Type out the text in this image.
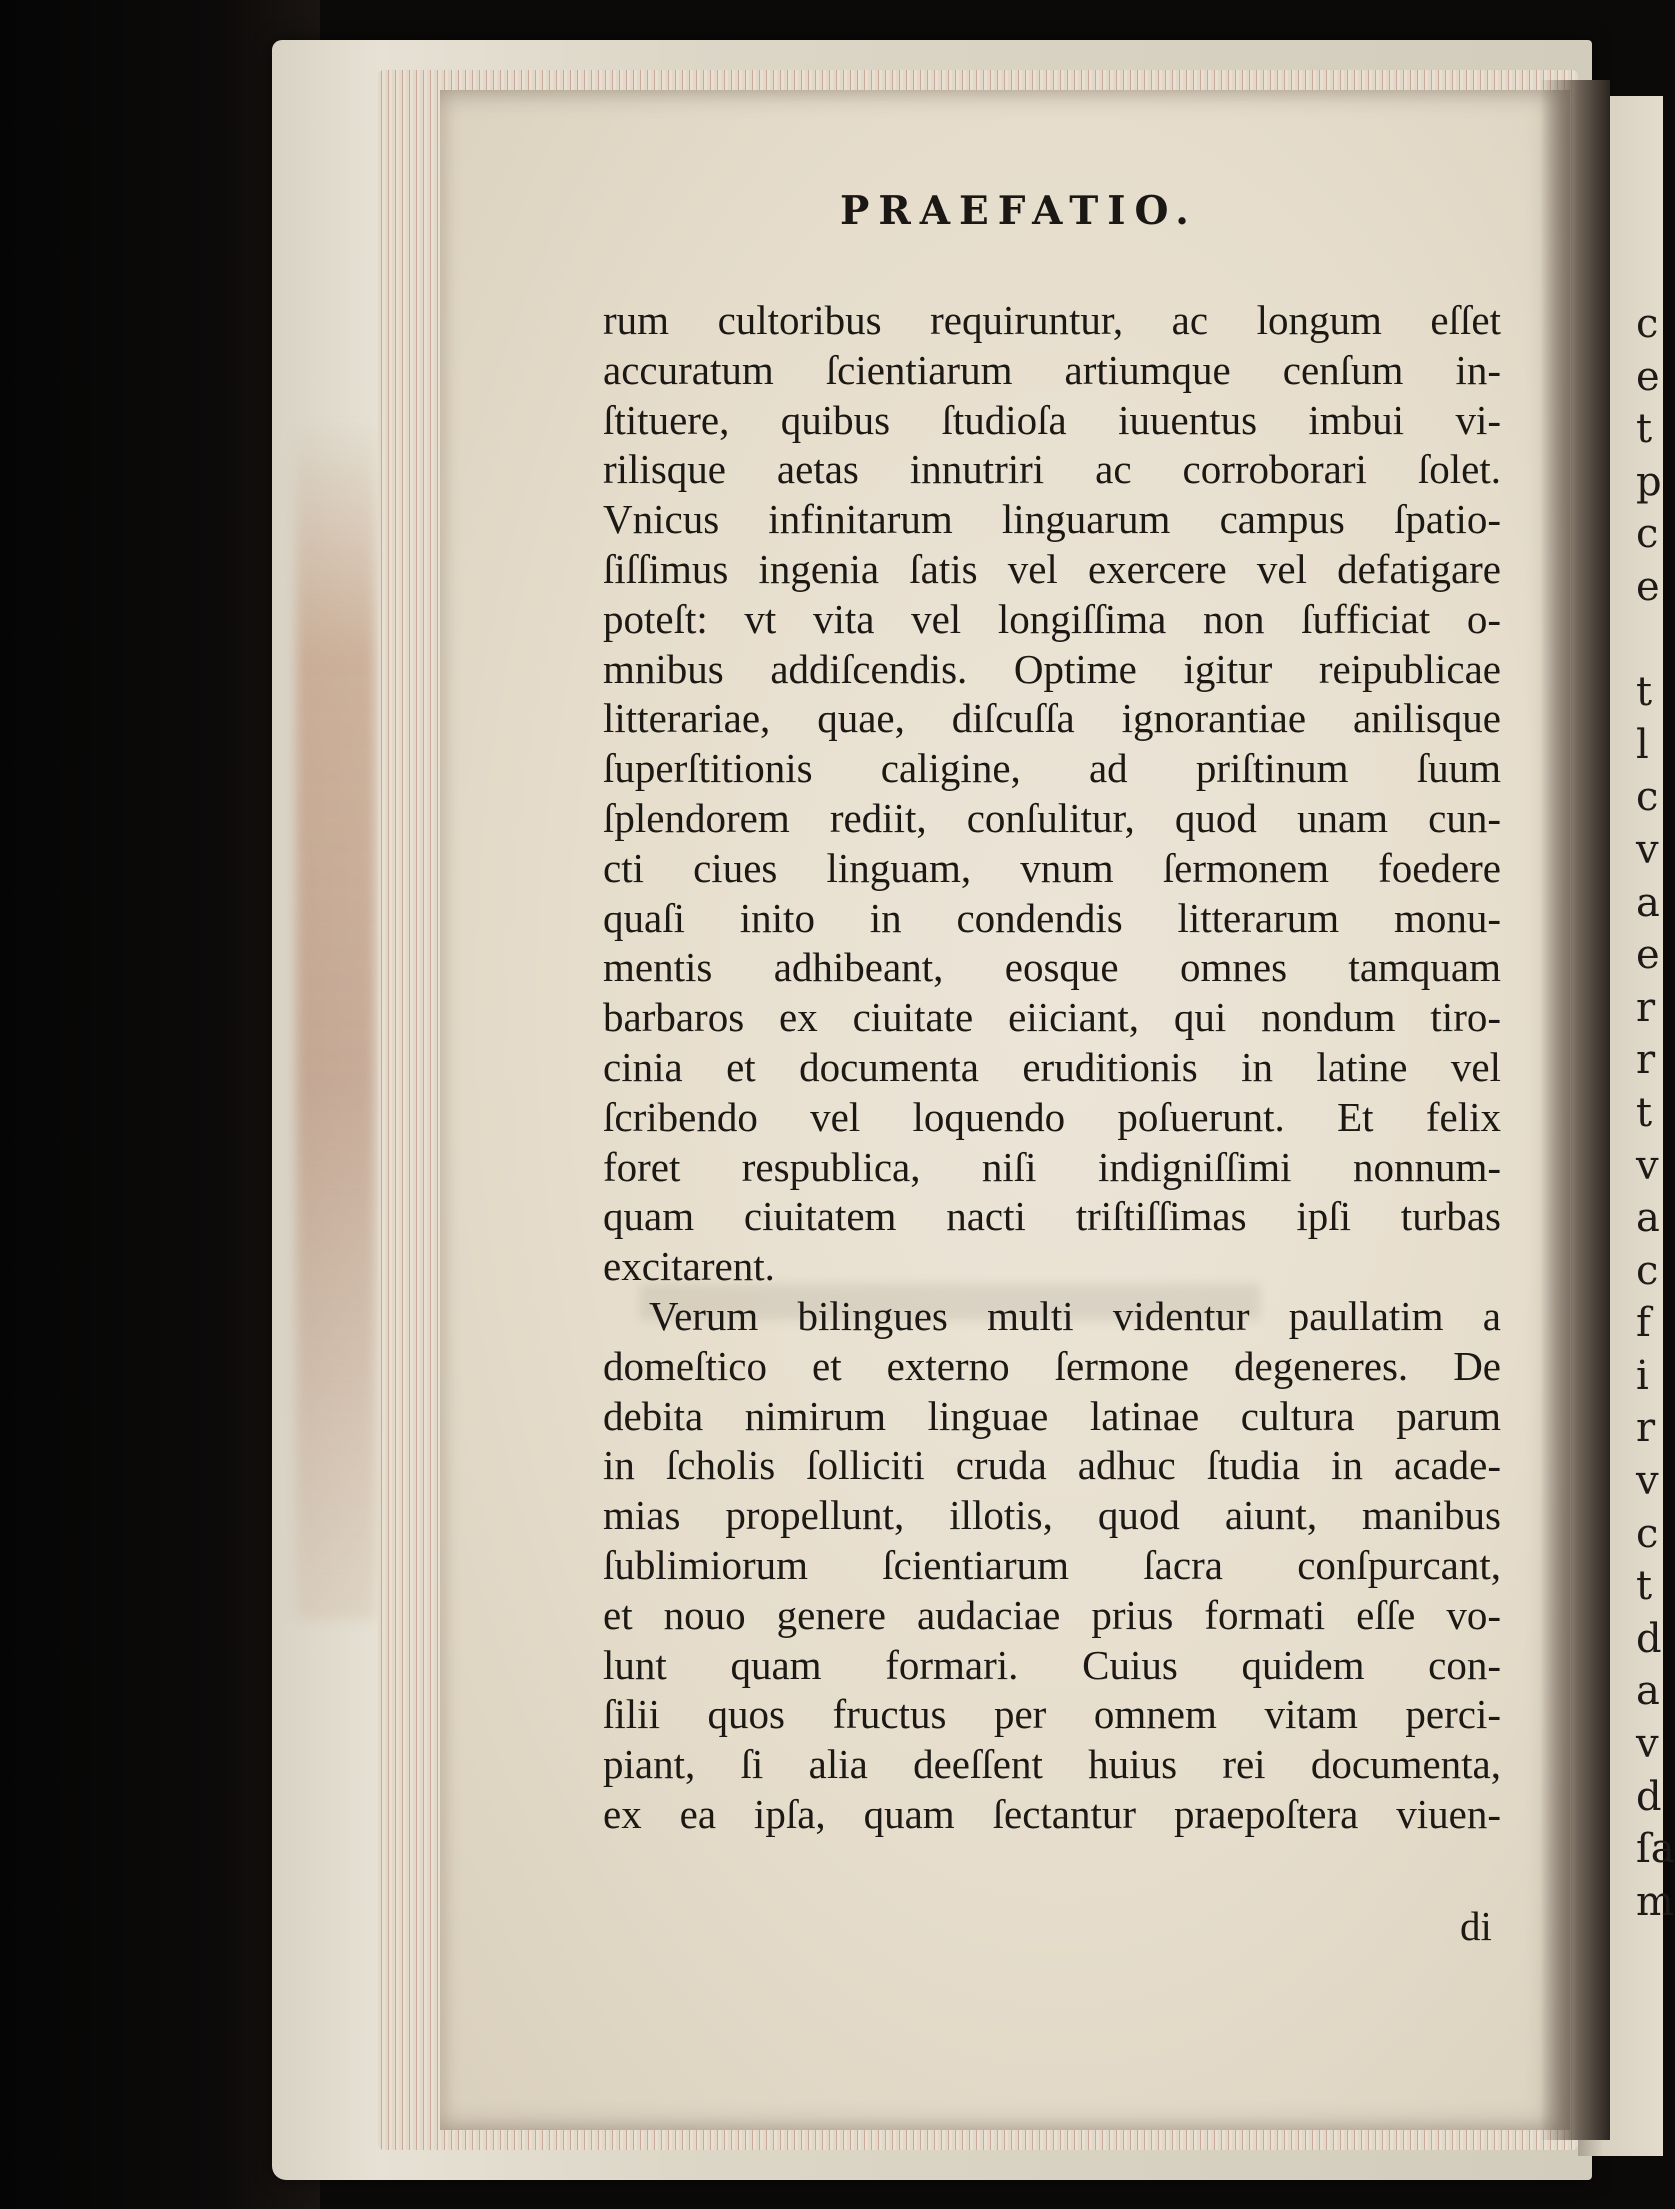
c
e
t
p
c
e
t
l
c
v
a
e
r
r
t
v
a
c
f
i
r
v
c
t
d
a
v
d
ſa
m
PRAEFATIO.
rum cultoribus requiruntur, ac longum eſſet
accuratum ſcientiarum artiumque cenſum in-
ſtituere, quibus ſtudioſa iuuentus imbui vi-
rilisque aetas innutriri ac corroborari ſolet.
Vnicus infinitarum linguarum campus ſpatio-
ſiſſimus ingenia ſatis vel exercere vel defatigare
poteſt: vt vita vel longiſſima non ſufficiat o-
mnibus addiſcendis. Optime igitur reipublicae
litterariae, quae, diſcuſſa ignorantiae anilisque
ſuperſtitionis caligine, ad priſtinum ſuum
ſplendorem rediit, conſulitur, quod unam cun-
cti ciues linguam, vnum ſermonem foedere
quaſi inito in condendis litterarum monu-
mentis adhibeant, eosque omnes tamquam
barbaros ex ciuitate eiiciant, qui nondum tiro-
cinia et documenta eruditionis in latine vel
ſcribendo vel loquendo poſuerunt. Et felix
foret respublica, niſi indigniſſimi nonnum-
quam ciuitatem nacti triſtiſſimas ipſi turbas
excitarent.
Verum bilingues multi videntur paullatim a
domeſtico et externo ſermone degeneres. De
debita nimirum linguae latinae cultura parum
in ſcholis ſolliciti cruda adhuc ſtudia in acade-
mias propellunt, illotis, quod aiunt, manibus
ſublimiorum ſcientiarum ſacra conſpurcant,
et nouo genere audaciae prius formati eſſe vo-
lunt quam formari. Cuius quidem con-
ſilii quos fructus per omnem vitam perci-
piant, ſi alia deeſſent huius rei documenta,
ex ea ipſa, quam ſectantur praepoſtera viuen-
di
